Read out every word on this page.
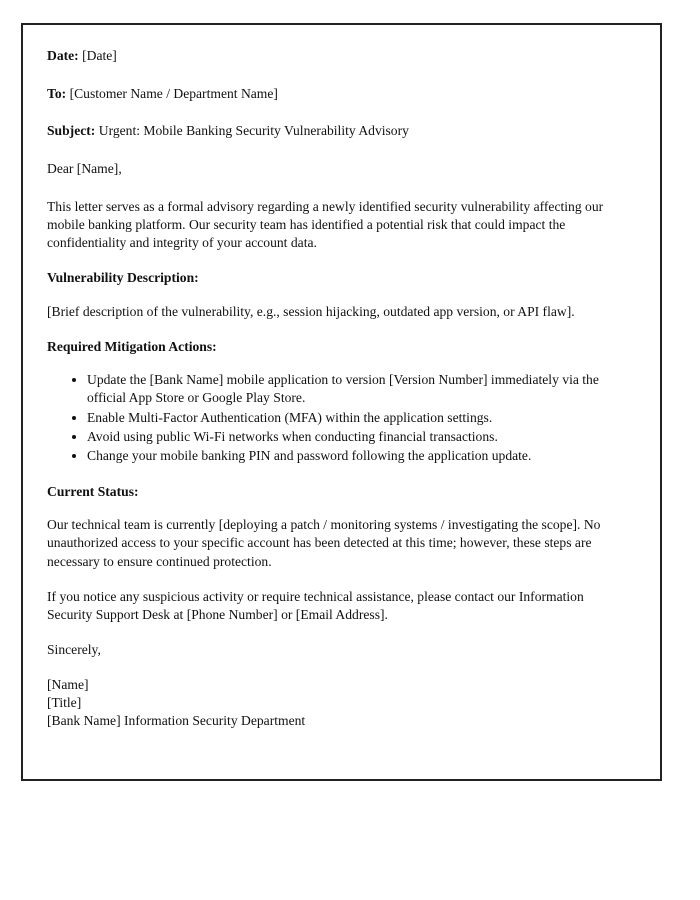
Date: [Date]
To: [Customer Name / Department Name]
Subject: Urgent: Mobile Banking Security Vulnerability Advisory
Dear [Name],

This letter serves as a formal advisory regarding a newly identified security vulnerability affecting our mobile banking platform. Our security team has identified a potential risk that could impact the confidentiality and integrity of your account data.

Vulnerability Description:

[Brief description of the vulnerability, e.g., session hijacking, outdated app version, or API flaw].

Required Mitigation Actions:
• Update the [Bank Name] mobile application to version [Version Number] immediately via the official App Store or Google Play Store.
• Enable Multi-Factor Authentication (MFA) within the application settings.
• Avoid using public Wi-Fi networks when conducting financial transactions.
• Change your mobile banking PIN and password following the application update.
Current Status:

Our technical team is currently [deploying a patch / monitoring systems / investigating the scope]. No unauthorized access to your specific account has been detected at this time; however, these steps are necessary to ensure continued protection.

If you notice any suspicious activity or require technical assistance, please contact our Information Security Support Desk at [Phone Number] or [Email Address].

Sincerely,
[Name]
[Title]
[Bank Name] Information Security Department
